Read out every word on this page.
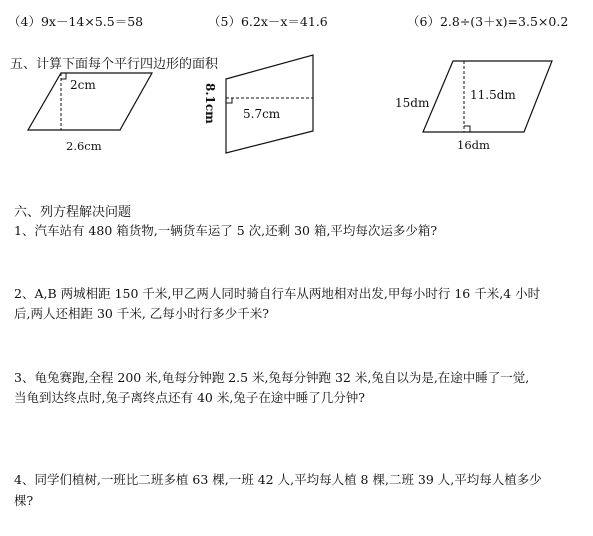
（4）9x－14×5.5＝58	（5）6.2x－x＝41.6	（6）2.8÷(3＋x)=3.5×0.2
五、计算下面每个平行四边形的面积
2cm
2.6cm
8.1cm 5.7cm
15dm
11.5dm
16dm
六、列方程解决问题
1、汽车站有 480 箱货物,一辆货车运了 5 次,还剩 30 箱,平均每次运多少箱?
2、A,B 两城相距 150 千米,甲乙两人同时骑自行车从两地相对出发,甲每小时行 16 千米,4 小时
后,两人还相距 30 千米, 乙每小时行多少千米?
3、龟兔赛跑,全程 200 米,龟每分钟跑 2.5 米,兔每分钟跑 32 米,兔自以为是,在途中睡了一觉,
当龟到达终点时,兔子离终点还有 40 米,兔子在途中睡了几分钟?
4、同学们植树,一班比二班多植 63 棵,一班 42 人,平均每人植 8 棵,二班 39 人,平均每人植多少
棵?
